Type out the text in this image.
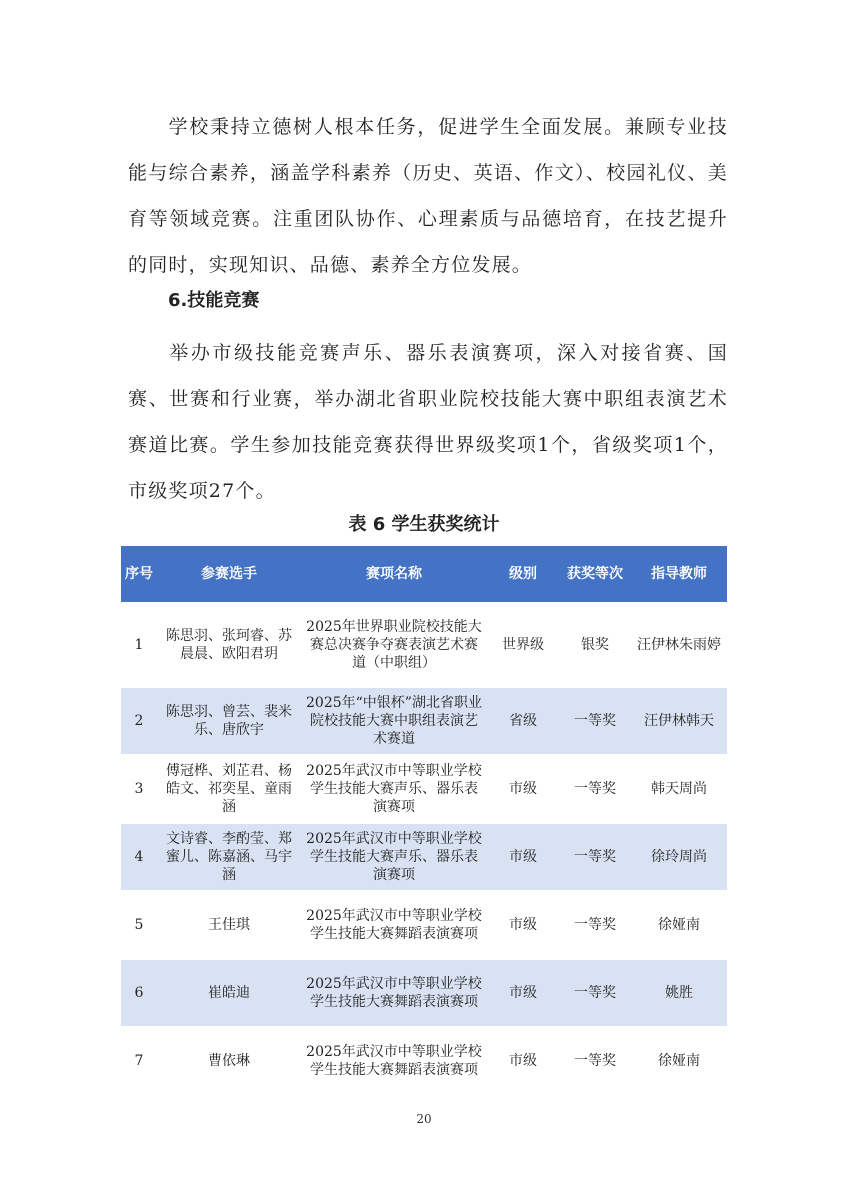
学校秉持立德树人根本任务，促进学生全面发展。兼顾专业技能与综合素养，涵盖学科素养（历史、英语、作文）、校园礼仪、美育等领域竞赛。注重团队协作、心理素质与品德培育，在技艺提升的同时，实现知识、品德、素养全方位发展。

6.技能竞赛

举办市级技能竞赛声乐、器乐表演赛项，深入对接省赛、国赛、世赛和行业赛，举办湖北省职业院校技能大赛中职组表演艺术赛道比赛。学生参加技能竞赛获得世界级奖项1个，省级奖项1个，市级奖项27个。

表 6 学生获奖统计
序号	参赛选手	赛项名称	级别	获奖等次	指导教师
1	陈思羽、张珂睿、苏晨晨、欧阳君玥	2025年世界职业院校技能大赛总决赛争夺赛表演艺术赛道（中职组）	世界级	银奖	汪伊林朱雨婷
2	陈思羽、曾芸、裴米乐、唐欣宇	2025年“中银杯”湖北省职业院校技能大赛中职组表演艺术赛道	省级	一等奖	汪伊林韩天
3	傅冠桦、刘芷君、杨皓文、祁奕星、童雨涵	2025年武汉市中等职业学校学生技能大赛声乐、器乐表演赛项	市级	一等奖	韩天周尚
4	文诗睿、李酌莹、郑蜜儿、陈嘉涵、马宇涵	2025年武汉市中等职业学校学生技能大赛声乐、器乐表演赛项	市级	一等奖	徐玲周尚
5	王佳琪	2025年武汉市中等职业学校学生技能大赛舞蹈表演赛项	市级	一等奖	徐娅南
6	崔皓迪	2025年武汉市中等职业学校学生技能大赛舞蹈表演赛项	市级	一等奖	姚胜
7	曹依琳	2025年武汉市中等职业学校学生技能大赛舞蹈表演赛项	市级	一等奖	徐娅南
20
